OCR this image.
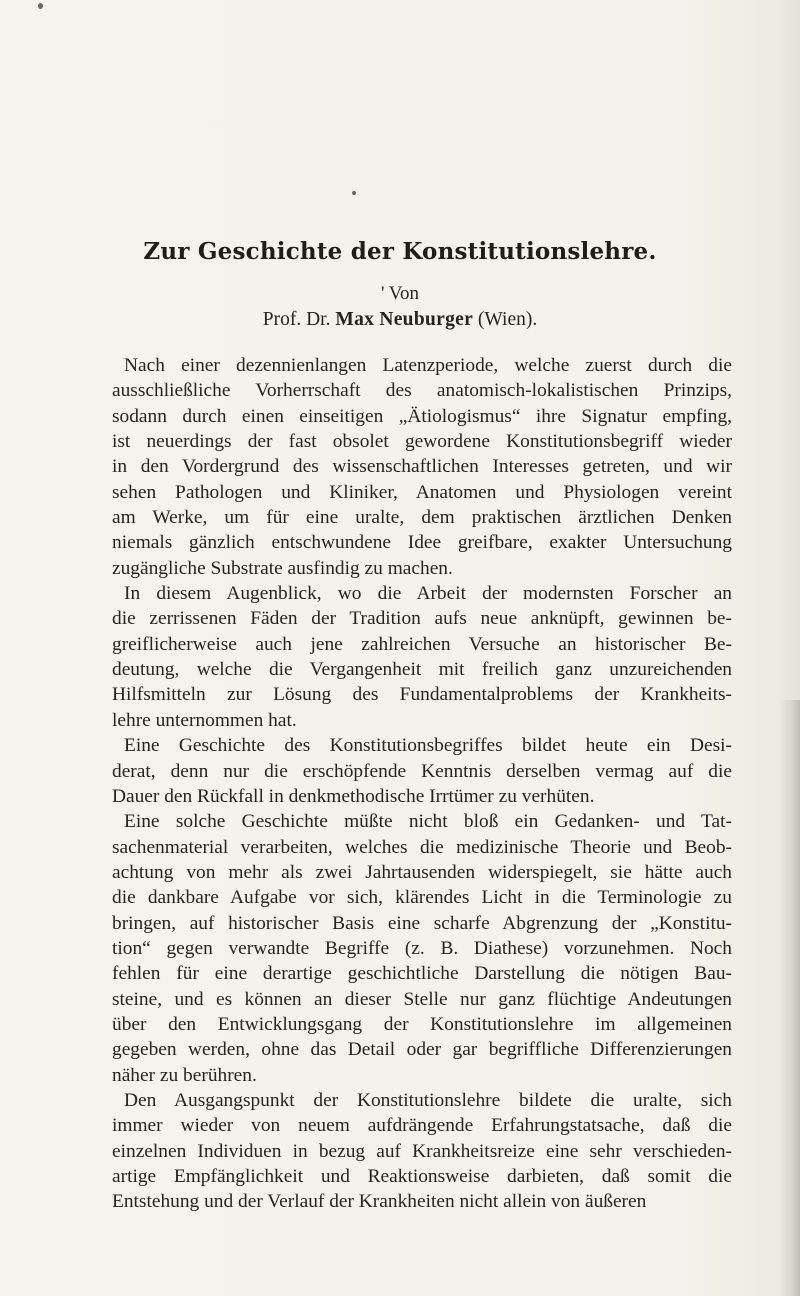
Zur Geschichte der Konstitutionslehre.
' Von
Prof. Dr. Max Neuburger (Wien).
Nach einer dezennienlangen Latenzperiode, welche zuerst durch die
ausschließliche Vorherrschaft des anatomisch-lokalistischen Prinzips,
sodann durch einen einseitigen „Ätiologismus“ ihre Signatur empfing,
ist neuerdings der fast obsolet gewordene Konstitutionsbegriff wieder
in den Vordergrund des wissenschaftlichen Interesses getreten, und wir
sehen Pathologen und Kliniker, Anatomen und Physiologen vereint
am Werke, um für eine uralte, dem praktischen ärztlichen Denken
niemals gänzlich entschwundene Idee greifbare, exakter Untersuchung
zugängliche Substrate ausfindig zu machen.
In diesem Augenblick, wo die Arbeit der modernsten Forscher an
die zerrissenen Fäden der Tradition aufs neue anknüpft, gewinnen be-
greiflicherweise auch jene zahlreichen Versuche an historischer Be-
deutung, welche die Vergangenheit mit freilich ganz unzureichenden
Hilfsmitteln zur Lösung des Fundamentalproblems der Krankheits-
lehre unternommen hat.
Eine Geschichte des Konstitutionsbegriffes bildet heute ein Desi-
derat, denn nur die erschöpfende Kenntnis derselben vermag auf die
Dauer den Rückfall in denkmethodische Irrtümer zu verhüten.
Eine solche Geschichte müßte nicht bloß ein Gedanken- und Tat-
sachenmaterial verarbeiten, welches die medizinische Theorie und Beob-
achtung von mehr als zwei Jahrtausenden widerspiegelt, sie hätte auch
die dankbare Aufgabe vor sich, klärendes Licht in die Terminologie zu
bringen, auf historischer Basis eine scharfe Abgrenzung der „Konstitu-
tion“ gegen verwandte Begriffe (z. B. Diathese) vorzunehmen. Noch
fehlen für eine derartige geschichtliche Darstellung die nötigen Bau-
steine, und es können an dieser Stelle nur ganz flüchtige Andeutungen
über den Entwicklungsgang der Konstitutionslehre im allgemeinen
gegeben werden, ohne das Detail oder gar begriffliche Differenzierungen
näher zu berühren.
Den Ausgangspunkt der Konstitutionslehre bildete die uralte, sich
immer wieder von neuem aufdrängende Erfahrungstatsache, daß die
einzelnen Individuen in bezug auf Krankheitsreize eine sehr verschieden-
artige Empfänglichkeit und Reaktionsweise darbieten, daß somit die
Entstehung und der Verlauf der Krankheiten nicht allein von äußeren
